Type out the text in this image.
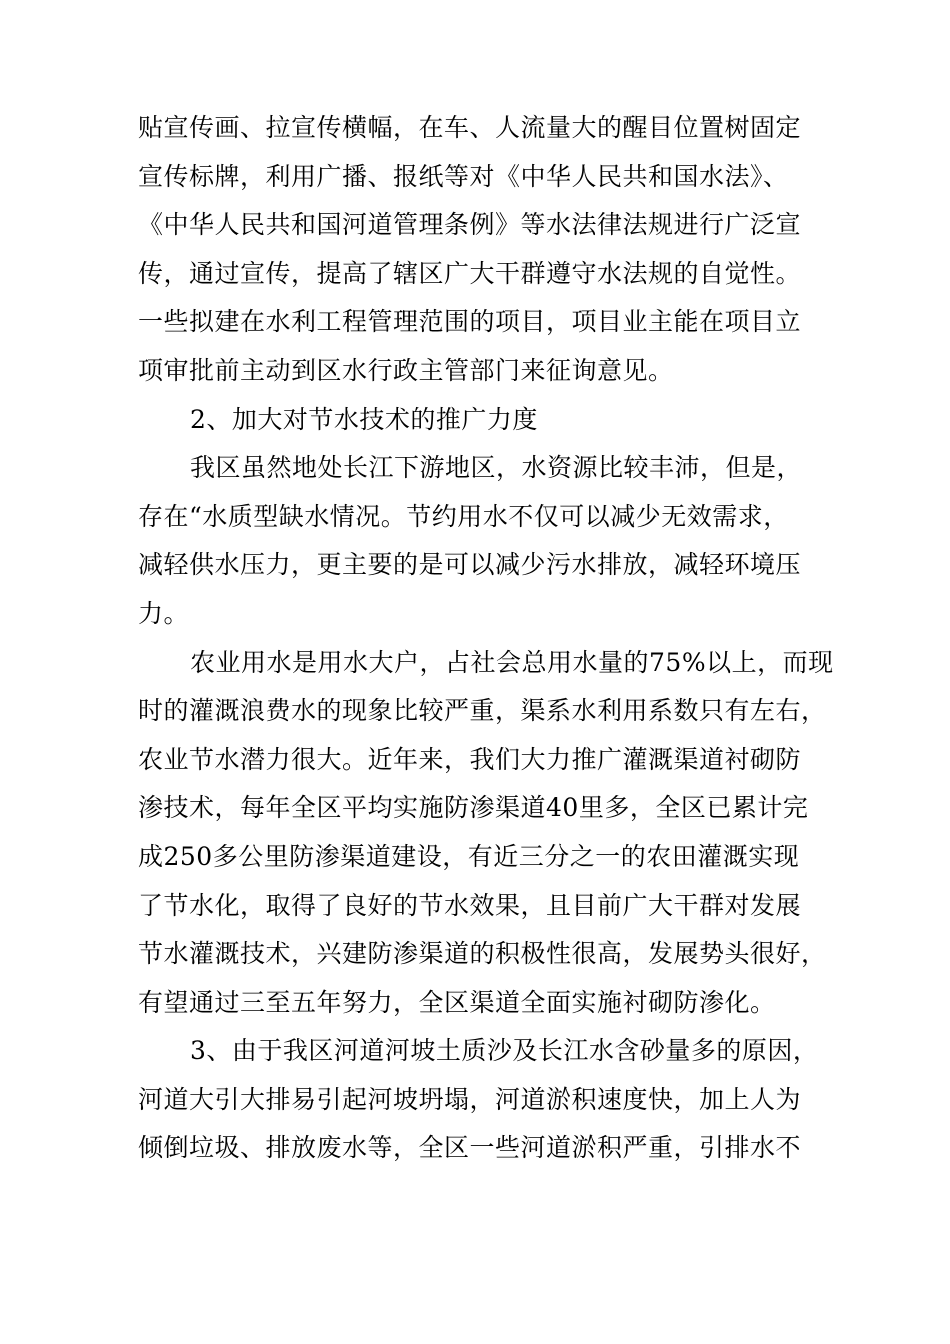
贴宣传画、拉宣传横幅，在车、人流量大的醒目位置树固定
宣传标牌，利用广播、报纸等对《中华人民共和国水法》、
《中华人民共和国河道管理条例》等水法律法规进行广泛宣
传，通过宣传，提高了辖区广大干群遵守水法规的自觉性。
一些拟建在水利工程管理范围的项目，项目业主能在项目立
项审批前主动到区水行政主管部门来征询意见。
2、加大对节水技术的推广力度
我区虽然地处长江下游地区，水资源比较丰沛，但是，
存在“水质型缺水情况。节约用水不仅可以减少无效需求，
减轻供水压力，更主要的是可以减少污水排放，减轻环境压
力。
农业用水是用水大户，占社会总用水量的75%以上，而现
时的灌溉浪费水的现象比较严重，渠系水利用系数只有左右，
农业节水潜力很大。近年来，我们大力推广灌溉渠道衬砌防
渗技术，每年全区平均实施防渗渠道40里多，全区已累计完
成250多公里防渗渠道建设，有近三分之一的农田灌溉实现
了节水化，取得了良好的节水效果，且目前广大干群对发展
节水灌溉技术，兴建防渗渠道的积极性很高，发展势头很好，
有望通过三至五年努力，全区渠道全面实施衬砌防渗化。
3、由于我区河道河坡土质沙及长江水含砂量多的原因，
河道大引大排易引起河坡坍塌，河道淤积速度快，加上人为
倾倒垃圾、排放废水等，全区一些河道淤积严重，引排水不
